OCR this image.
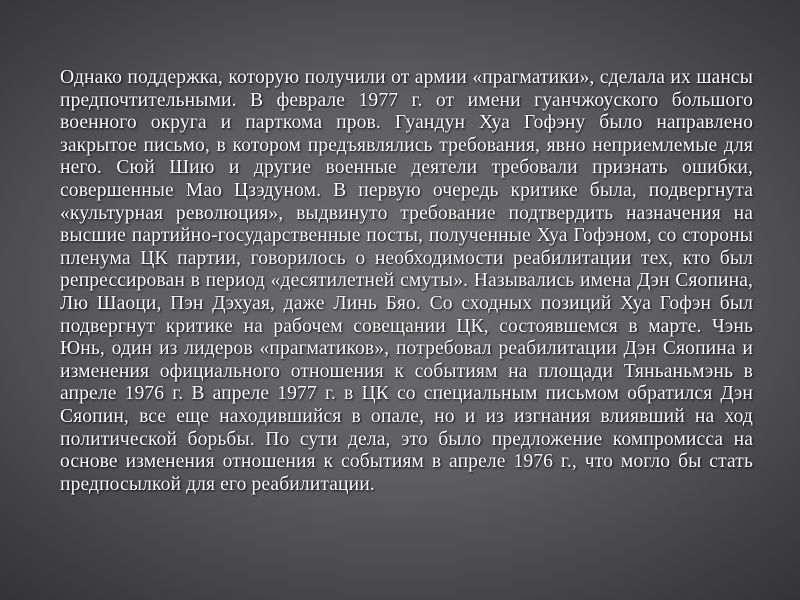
Однако поддержка, которую получили от армии «прагматики», сделала их шансы предпочтительными. В феврале 1977 г. от имени гуанчжоуского большого военного округа и парткома пров. Гуандун Хуа Гофэну было направлено закрытое письмо, в котором предъявлялись требования, явно неприемлемые для него. Сюй Шию и другие военные деятели требовали признать ошибки, совершенные Мао Цзэдуном. В первую очередь критике была, подвергнута «культурная революция», выдвинуто требование подтвердить назначения на высшие партийно-государственные посты, полученные Хуа Гофэном, со стороны пленума ЦК партии, говорилось о необходимости реабилитации тех, кто был репрессирован в период «десятилетней смуты». Назывались имена Дэн Сяопина, Лю Шаоци, Пэн Дэхуая, даже Линь Бяо. Со сходных позиций Хуа Гофэн был подвергнут критике на рабочем совещании ЦК, состоявшемся в марте. Чэнь Юнь, один из лидеров «прагматиков», потребовал реабилитации Дэн Сяопина и изменения официального отношения к событиям на площади Тяньаньмэнь в апреле 1976 г. В апреле 1977 г. в ЦК со специальным письмом обратился Дэн Сяопин, все еще находившийся в опале, но и из изгнания влиявший на ход политической борьбы. По сути дела, это было предложение компромисса на основе изменения отношения к событиям в апреле 1976 г., что могло бы стать предпосылкой для его реабилитации.
